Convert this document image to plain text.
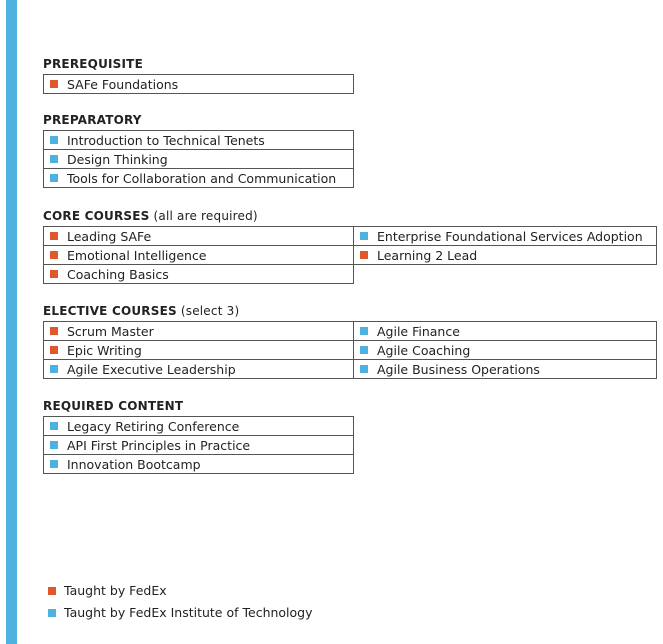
PREREQUISITE
SAFe Foundations
PREPARATORY
Introduction to Technical Tenets
Design Thinking
Tools for Collaboration and Communication
CORE COURSES (all are required)
Leading SAFe	Enterprise Foundational Services Adoption
Emotional Intelligence	Learning 2 Lead
Coaching Basics
ELECTIVE COURSES (select 3)
Scrum Master	Agile Finance
Epic Writing	Agile Coaching
Agile Executive Leadership	Agile Business Operations
REQUIRED CONTENT
Legacy Retiring Conference
API First Principles in Practice
Innovation Bootcamp
Taught by FedEx
Taught by FedEx Institute of Technology
